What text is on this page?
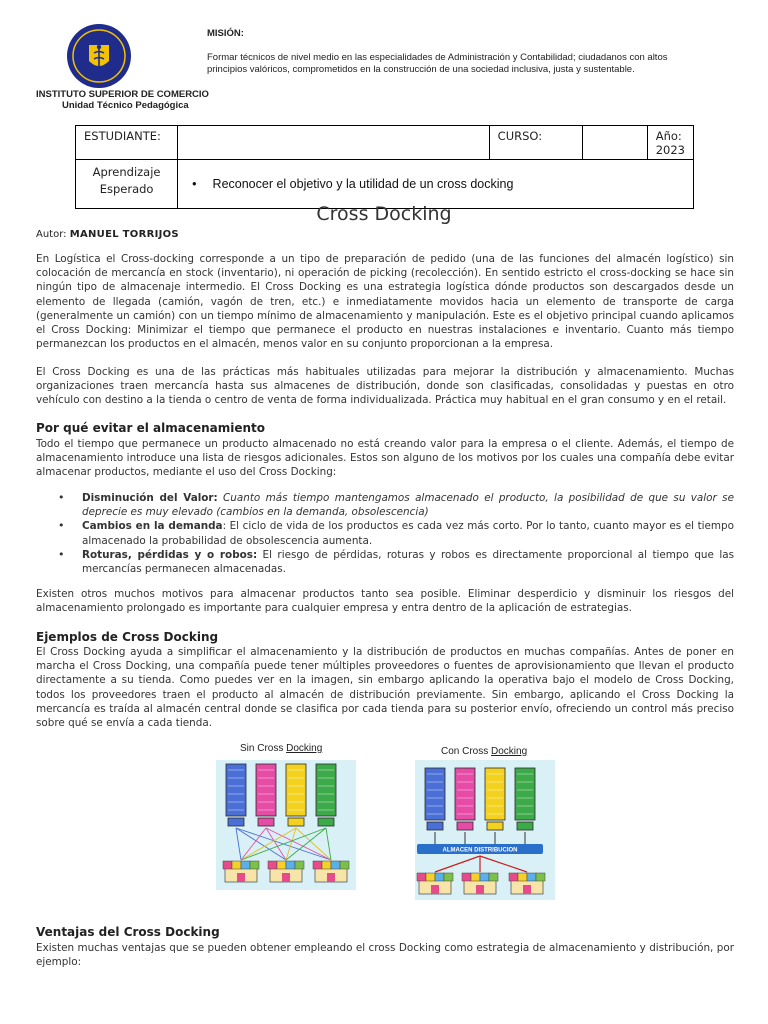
MISIÓN:
Formar técnicos de nivel medio en las especialidades de Administración y Contabilidad; ciudadanos con altos principios valóricos, comprometidos en la construcción de una sociedad inclusiva, justa y sustentable.
INSTITUTO SUPERIOR DE COMERCIO
Unidad Técnico Pedagógica
ESTUDIANTE:		CURSO:		Año: 2023
Aprendizaje
Esperado	• Reconocer el objetivo y la utilidad de un cross docking			
Cross Docking
Autor: MANUEL TORRIJOS

En Logística el Cross-docking corresponde a un tipo de preparación de pedido (una de las funciones del almacén logístico) sin colocación de mercancía en stock (inventario), ni operación de picking (recolección). En sentido estricto el cross-docking se hace sin ningún tipo de almacenaje intermedio. El Cross Docking es una estrategia logística dónde productos son descargados desde un elemento de llegada (camión, vagón de tren, etc.) e inmediatamente movidos hacia un elemento de transporte de carga (generalmente un camión) con un tiempo mínimo de almacenamiento y manipulación. Este es el objetivo principal cuando aplicamos el Cross Docking: Minimizar el tiempo que permanece el producto en nuestras instalaciones e inventario. Cuanto más tiempo permanezcan los productos en el almacén, menos valor en su conjunto proporcionan a la empresa.

El Cross Docking es una de las prácticas más habituales utilizadas para mejorar la distribución y almacenamiento. Muchas organizaciones traen mercancía hasta sus almacenes de distribución, donde son clasificadas, consolidadas y puestas en otro vehículo con destino a la tienda o centro de venta de forma individualizada. Práctica muy habitual en el gran consumo y en el retail.

Por qué evitar el almacenamiento

Todo el tiempo que permanece un producto almacenado no está creando valor para la empresa o el cliente. Además, el tiempo de almacenamiento introduce una lista de riesgos adicionales. Estos son alguno de los motivos por los cuales una compañía debe evitar almacenar productos, mediante el uso del Cross Docking:

• Disminución del Valor: Cuanto más tiempo mantengamos almacenado el producto, la posibilidad de que su valor se deprecie es muy elevado (cambios en la demanda, obsolescencia)
• Cambios en la demanda: El ciclo de vida de los productos es cada vez más corto. Por lo tanto, cuanto mayor es el tiempo almacenado la probabilidad de obsolescencia aumenta.
• Roturas, pérdidas y o robos: El riesgo de pérdidas, roturas y robos es directamente proporcional al tiempo que las mercancías permanecen almacenadas.

Existen otros muchos motivos para almacenar productos tanto sea posible. Eliminar desperdicio y disminuir los riesgos del almacenamiento prolongado es importante para cualquier empresa y entra dentro de la aplicación de estrategias.

Ejemplos de Cross Docking

El Cross Docking ayuda a simplificar el almacenamiento y la distribución de productos en muchas compañías. Antes de poner en marcha el Cross Docking, una compañía puede tener múltiples proveedores o fuentes de aprovisionamiento que llevan el producto directamente a su tienda. Como puedes ver en la imagen, sin embargo aplicando la operativa bajo el modelo de Cross Docking, todos los proveedores traen el producto al almacén de distribución previamente. Sin embargo, aplicando el Cross Docking la mercancía es traída al almacén central donde se clasifica por cada tienda para su posterior envío, ofreciendo un control más preciso sobre qué se envía a cada tienda.

Sin Cross Docking	Con Cross Docking
ALMACEN DISTRIBUCION
Ventajas del Cross Docking

Existen muchas ventajas que se pueden obtener empleando el cross Docking como estrategia de almacenamiento y distribución, por ejemplo:
